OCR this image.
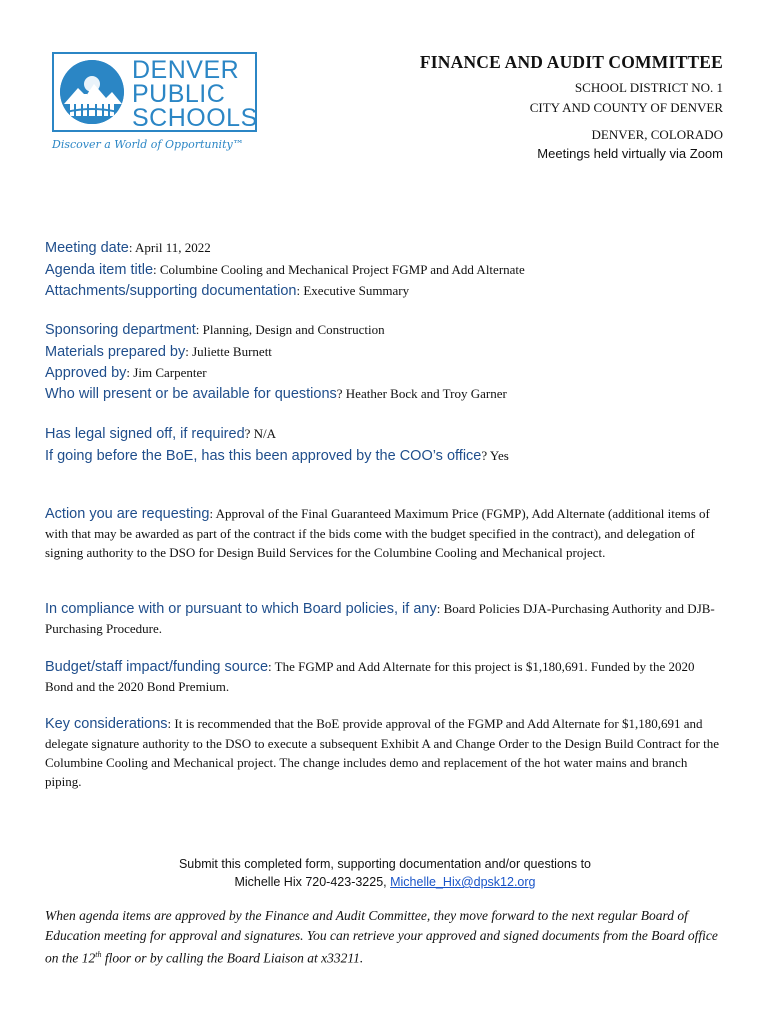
DENVER
PUBLIC
SCHOOLS
Discover a World of Opportunity™
FINANCE AND AUDIT COMMITTEE
SCHOOL DISTRICT NO. 1
CITY AND COUNTY OF DENVER
DENVER, COLORADO
Meetings held virtually via Zoom
Meeting date: April 11, 2022
Agenda item title: Columbine Cooling and Mechanical Project FGMP and Add Alternate
Attachments/supporting documentation: Executive Summary
Sponsoring department: Planning, Design and Construction
Materials prepared by: Juliette Burnett
Approved by: Jim Carpenter
Who will present or be available for questions? Heather Bock and Troy Garner
Has legal signed off, if required? N/A
If going before the BoE, has this been approved by the COO’s office? Yes
Action you are requesting: Approval of the Final Guaranteed Maximum Price (FGMP), Add Alternate (additional items of with that may be awarded as part of the contract if the bids come with the budget specified in the contract), and delegation of signing authority to the DSO for Design Build Services for the Columbine Cooling and Mechanical project.
In compliance with or pursuant to which Board policies, if any: Board Policies DJA-Purchasing Authority and DJB-Purchasing Procedure.
Budget/staff impact/funding source: The FGMP and Add Alternate for this project is $1,180,691. Funded by the 2020 Bond and the 2020 Bond Premium.
Key considerations: It is recommended that the BoE provide approval of the FGMP and Add Alternate for $1,180,691 and delegate signature authority to the DSO to execute a subsequent Exhibit A and Change Order to the Design Build Contract for the Columbine Cooling and Mechanical project. The change includes demo and replacement of the hot water mains and branch piping.
Submit this completed form, supporting documentation and/or questions to
Michelle Hix 720-423-3225, Michelle_Hix@dpsk12.org
When agenda items are approved by the Finance and Audit Committee, they move forward to the next regular Board of Education meeting for approval and signatures. You can retrieve your approved and signed documents from the Board office on the 12th floor or by calling the Board Liaison at x33211.
